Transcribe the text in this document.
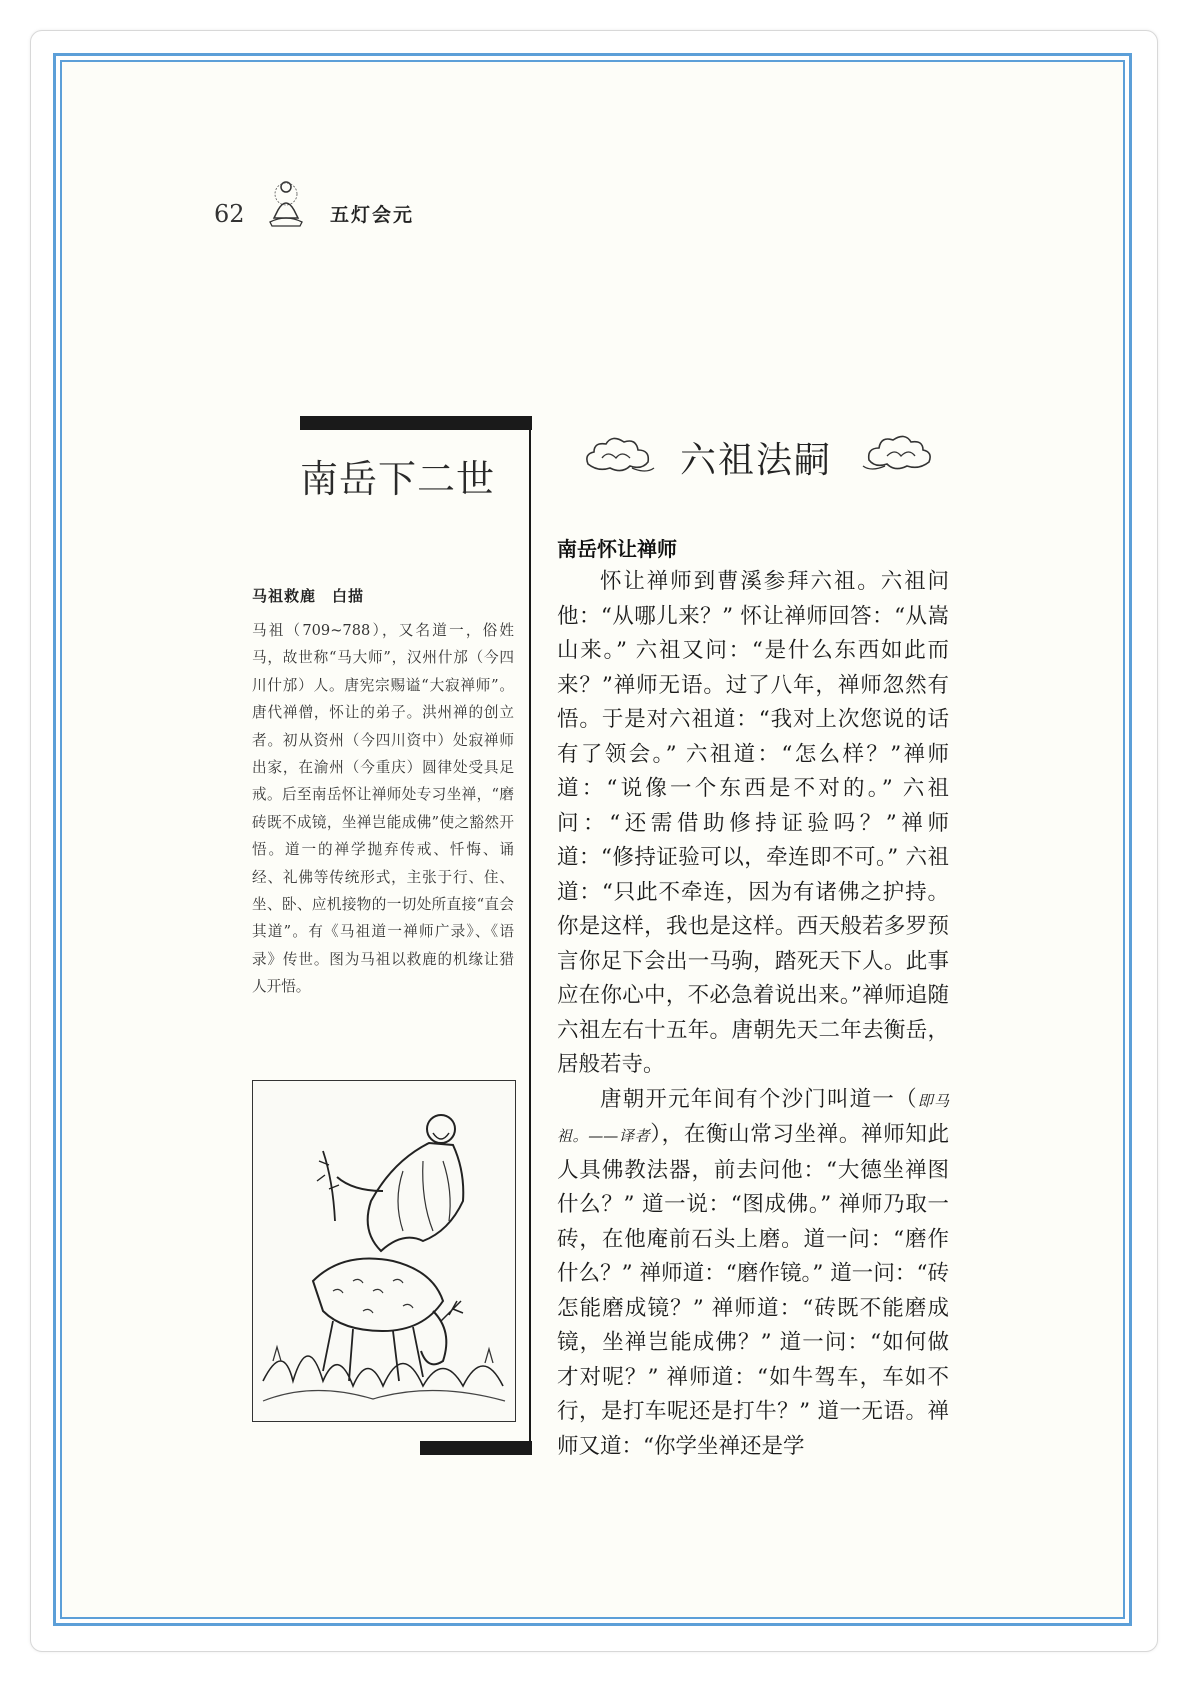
62	五灯会元
南岳下二世
马祖救鹿　白描
马祖（709~788），又名道一，俗姓马，故世称“马大师”，汉州什邡（今四川什邡）人。唐宪宗赐谥“大寂禅师”。唐代禅僧，怀让的弟子。洪州禅的创立者。初从资州（今四川资中）处寂禅师出家，在渝州（今重庆）圆律处受具足戒。后至南岳怀让禅师处专习坐禅，“磨砖既不成镜，坐禅岂能成佛”使之豁然开悟。道一的禅学抛弃传戒、忏悔、诵经、礼佛等传统形式，主张于行、住、坐、卧、应机接物的一切处所直接“直会其道”。有《马祖道一禅师广录》、《语录》传世。图为马祖以救鹿的机缘让猎人开悟。
六祖法嗣
南岳怀让禅师

怀让禅师到曹溪参拜六祖。六祖问他：“从哪儿来？” 怀让禅师回答：“从嵩山来。” 六祖又问：“是什么东西如此而来？”禅师无语。过了八年，禅师忽然有悟。于是对六祖道：“我对上次您说的话有了领会。” 六祖道：“怎么样？”禅师道：“说像一个东西是不对的。” 六祖问：“还需借助修持证验吗？”禅师道：“修持证验可以，牵连即不可。” 六祖道：“只此不牵连，因为有诸佛之护持。你是这样，我也是这样。西天般若多罗预言你足下会出一马驹，踏死天下人。此事应在你心中，不必急着说出来。”禅师追随六祖左右十五年。唐朝先天二年去衡岳，居般若寺。

唐朝开元年间有个沙门叫道一（即马祖。——译者），在衡山常习坐禅。禅师知此人具佛教法器，前去问他：“大德坐禅图什么？” 道一说：“图成佛。” 禅师乃取一砖，在他庵前石头上磨。道一问：“磨作什么？” 禅师道：“磨作镜。” 道一问：“砖怎能磨成镜？” 禅师道：“砖既不能磨成镜，坐禅岂能成佛？” 道一问：“如何做才对呢？” 禅师道：“如牛驾车，车如不行，是打车呢还是打牛？” 道一无语。禅师又道：“你学坐禅还是学
